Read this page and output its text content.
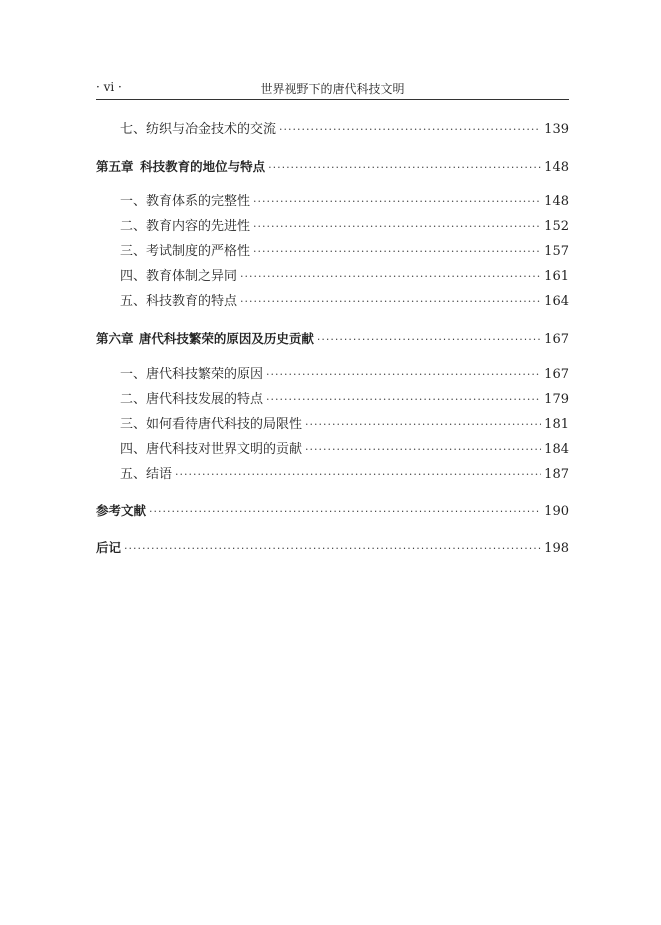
· vi ·	世界视野下的唐代科技文明
七、纺织与冶金技术的交流 ·····	139
第五章 科技教育的地位与特点 ·····	148
一、教育体系的完整性 ·····	148
二、教育内容的先进性 ·····	152
三、考试制度的严格性 ·····	157
四、教育体制之异同 ·····	161
五、科技教育的特点 ·····	164
第六章 唐代科技繁荣的原因及历史贡献 ·····	167
一、唐代科技繁荣的原因 ·····	167
二、唐代科技发展的特点 ·····	179
三、如何看待唐代科技的局限性 ·····	181
四、唐代科技对世界文明的贡献 ·····	184
五、结语 ·····	187
参考文献 ·····	190
后记 ·····	198
